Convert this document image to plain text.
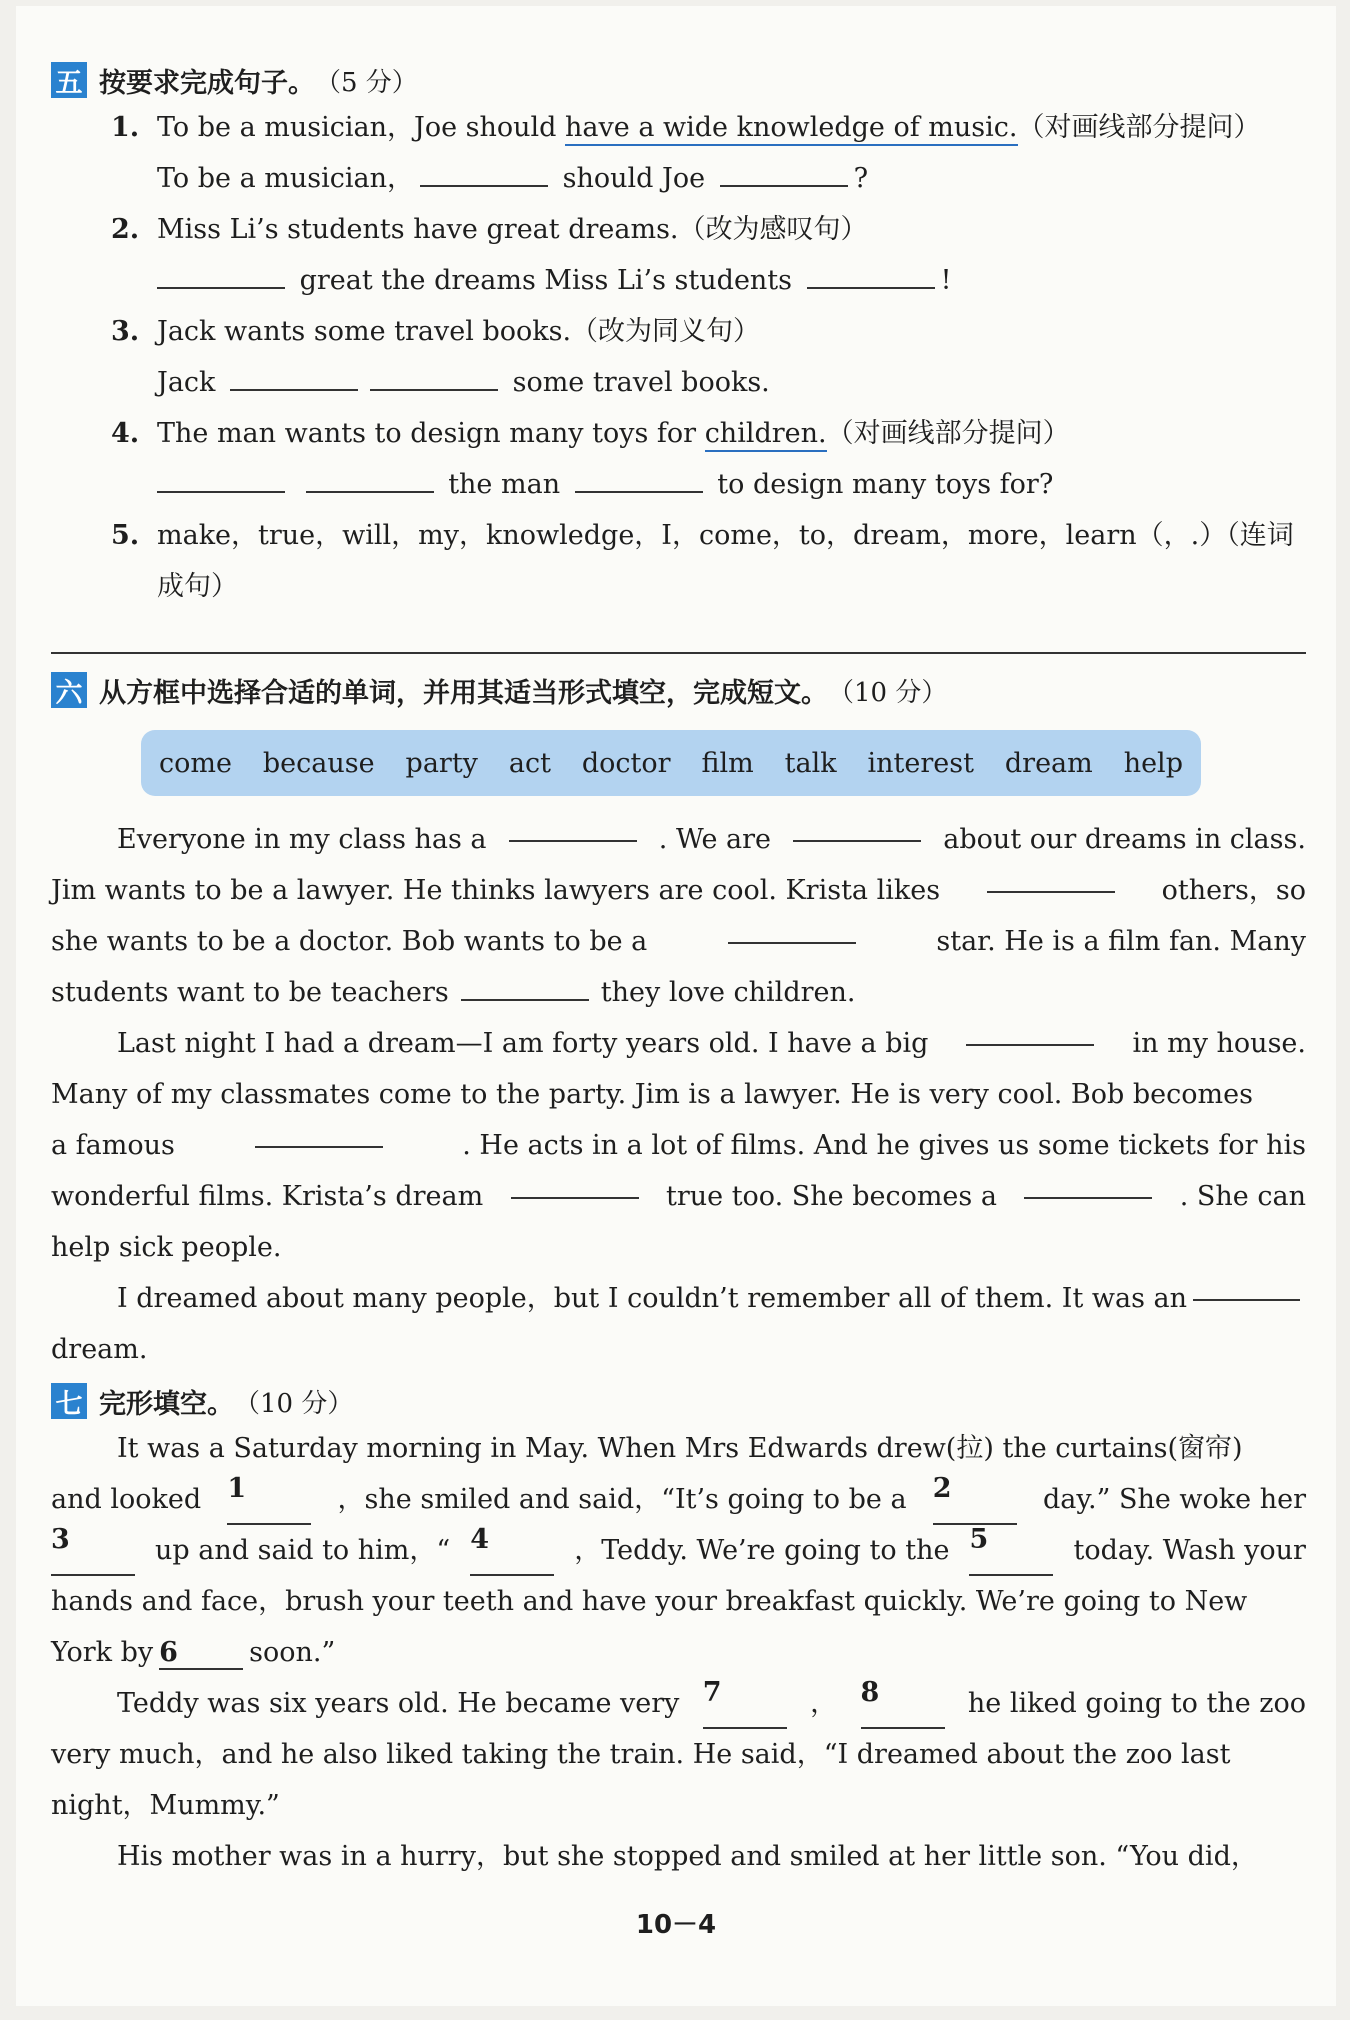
五 按要求完成句子。 （5 分）
1. To be a musician，Joe should have a wide knowledge of music.（对画线部分提问）
To be a musician，	should Joe	?
2. Miss Li’s students have great dreams.（改为感叹句）
great the dreams Miss Li’s students	!
3. Jack wants some travel books.（改为同义句）
Jack	some travel books.
4. The man wants to design many toys for children.（对画线部分提问）
the man	to design many toys for?
5. make，true，will，my，knowledge，I，come，to，dream，more，learn（，.）（连词
成句）
六 从方框中选择合适的单词，并用其适当形式填空，完成短文。 （10 分）
come because party act doctor film talk interest dream help
Everyone in my class has a	. We are	about our dreams in class.
Jim wants to be a lawyer. He thinks lawyers are cool. Krista likes	others，so
she wants to be a doctor. Bob wants to be a	star. He is a film fan. Many
students want to be teachers	they love children.
Last night I had a dream—I am forty years old. I have a big	in my house.
Many of my classmates come to the party. Jim is a lawyer. He is very cool. Bob becomes
a famous	. He acts in a lot of films. And he gives us some tickets for his
wonderful films. Krista’s dream	true too. She becomes a	. She can
help sick people.
I dreamed about many people，but I couldn’t remember all of them. It was an
dream.
七 完形填空。 （10 分）
It was a Saturday morning in May. When Mrs Edwards drew(拉) the curtains(窗帘)
and looked 1	，she smiled and said，“It’s going to be a 2	day.” She woke her
3	up and said to him，“ 4	，Teddy. We’re going to the 5	today. Wash your
hands and face，brush your teeth and have your breakfast quickly. We’re going to New
York by 6	soon.”
Teddy was six years old. He became very 7	， 8	he liked going to the zoo
very much，and he also liked taking the train. He said，“I dreamed about the zoo last
night，Mummy.”
His mother was in a hurry，but she stopped and smiled at her little son. “You did，
10－4
